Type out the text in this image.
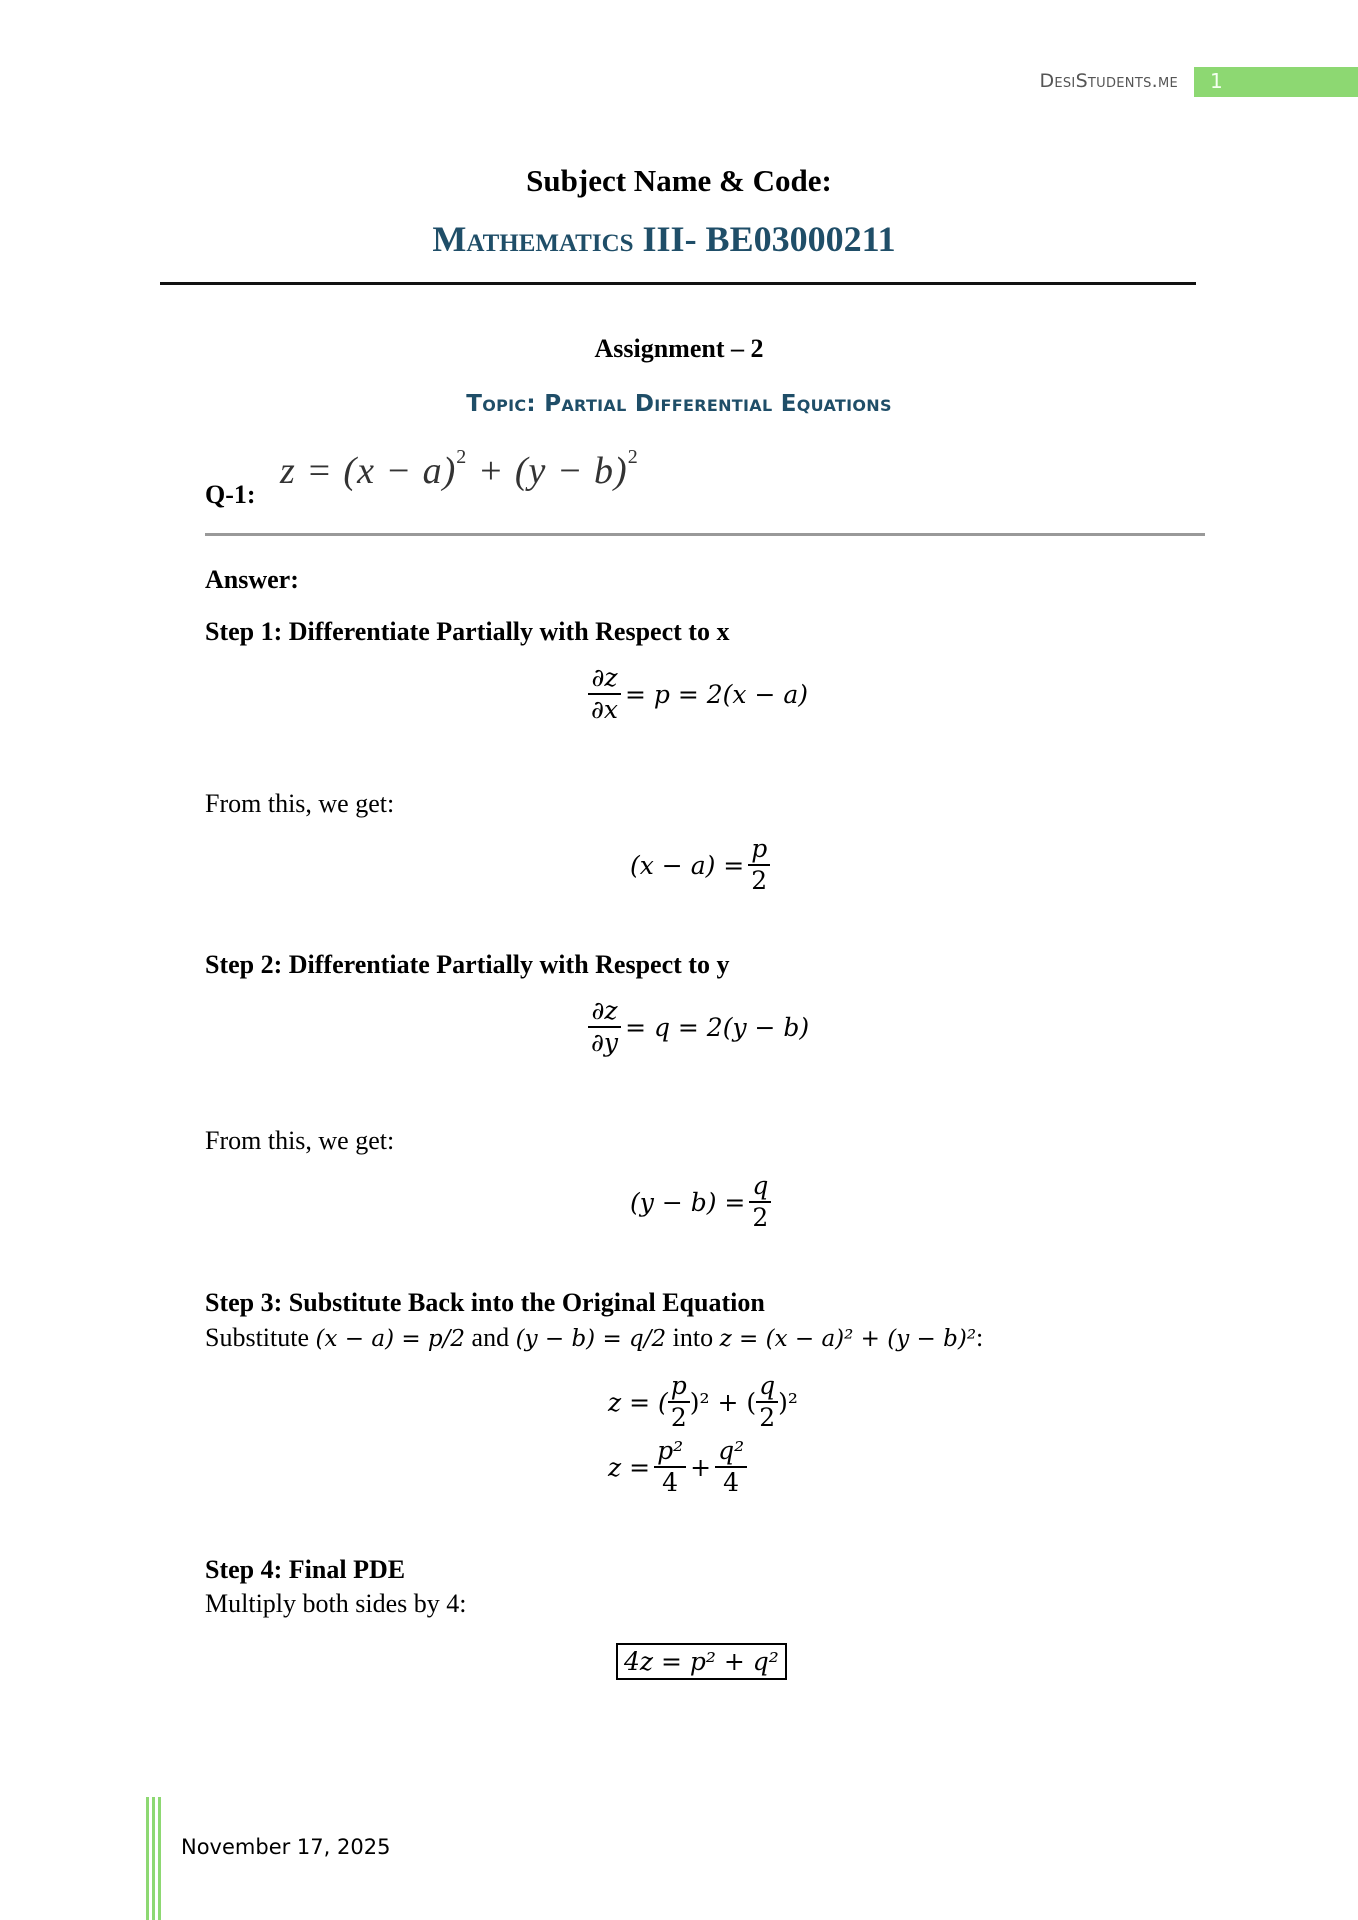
DesiStudents.me 1
Subject Name & Code:
Mathematics III- BE03000211
Assignment – 2
Topic: Partial Differential Equations
Q-1:
$z = (x - a)^2 + (y - b)^2$
Answer:
Step 1: Differentiate Partially with Respect to x
$\frac{\partial z}{\partial x} = p = 2(x - a)$
From this, we get:
$(x - a) = \frac{p}{2}$
Step 2: Differentiate Partially with Respect to y
$\frac{\partial z}{\partial y} = q = 2(y - b)$
From this, we get:
$(y - b) = \frac{q}{2}$
Step 3: Substitute Back into the Original Equation
Substitute (x − a) = p/2 and (y − b) = q/2 into z = (x − a)² + (y − b)²:
z = ( $\frac{p}{2} )^2$ + ( $\frac{q}{2} )^2$
$z = \frac{\text{p²}}{4} + \frac{\text{q²}}{4}$
Step 4: Final PDE
Multiply both sides by 4:
4z = p² + q²
November 17, 2025
